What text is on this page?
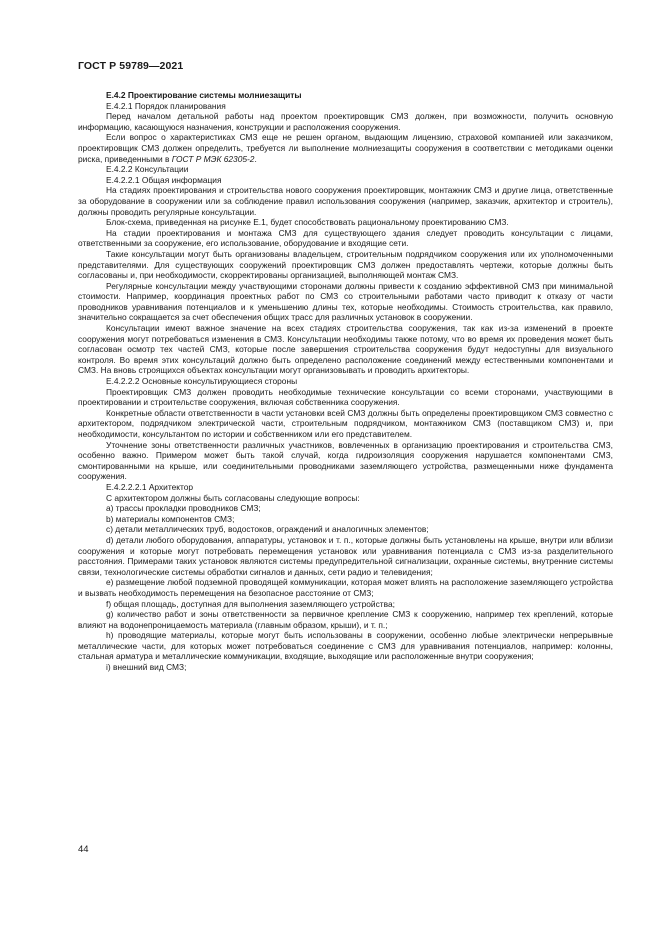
ГОСТ Р 59789—2021

Е.4.2 Проектирование системы молниезащиты

Е.4.2.1 Порядок планирования

Перед началом детальной работы над проектом проектировщик СМЗ должен, при возможности, получить основную информацию, касающуюся назначения, конструкции и расположения сооружения.

Если вопрос о характеристиках СМЗ еще не решен органом, выдающим лицензию, страховой компанией или заказчиком, проектировщик СМЗ должен определить, требуется ли выполнение молниезащиты сооружения в соответствии с методиками оценки риска, приведенными в ГОСТ Р МЭК 62305-2.

Е.4.2.2 Консультации

Е.4.2.2.1 Общая информация

На стадиях проектирования и строительства нового сооружения проектировщик, монтажник СМЗ и другие лица, ответственные за оборудование в сооружении или за соблюдение правил использования сооружения (например, заказчик, архитектор и строитель), должны проводить регулярные консультации.

Блок-схема, приведенная на рисунке Е.1, будет способствовать рациональному проектированию СМЗ.

На стадии проектирования и монтажа СМЗ для существующего здания следует проводить консультации с лицами, ответственными за сооружение, его использование, оборудование и входящие сети.

Такие консультации могут быть организованы владельцем, строительным подрядчиком сооружения или их уполномоченными представителями. Для существующих сооружений проектировщик СМЗ должен предоставлять чертежи, которые должны быть согласованы и, при необходимости, скорректированы организацией, выполняющей монтаж СМЗ.

Регулярные консультации между участвующими сторонами должны привести к созданию эффективной СМЗ при минимальной стоимости. Например, координация проектных работ по СМЗ со строительными работами часто приводит к отказу от части проводников уравнивания потенциалов и к уменьшению длины тех, которые необходимы. Стоимость строительства, как правило, значительно сокращается за счет обеспечения общих трасс для различных установок в сооружении.

Консультации имеют важное значение на всех стадиях строительства сооружения, так как из-за изменений в проекте сооружения могут потребоваться изменения в СМЗ. Консультации необходимы также потому, что во время их проведения может быть согласован осмотр тех частей СМЗ, которые после завершения строительства сооружения будут недоступны для визуального контроля. Во время этих консультаций должно быть определено расположение соединений между естественными компонентами и СМЗ. На вновь строящихся объектах консультации могут организовывать и проводить архитекторы.

Е.4.2.2.2 Основные консультирующиеся стороны

Проектировщик СМЗ должен проводить необходимые технические консультации со всеми сторонами, участвующими в проектировании и строительстве сооружения, включая собственника сооружения.

Конкретные области ответственности в части установки всей СМЗ должны быть определены проектировщиком СМЗ совместно с архитектором, подрядчиком электрической части, строительным подрядчиком, монтажником СМЗ (поставщиком СМЗ) и, при необходимости, консультантом по истории и собственником или его представителем.

Уточнение зоны ответственности различных участников, вовлеченных в организацию проектирования и строительства СМЗ, особенно важно. Примером может быть такой случай, когда гидроизоляция сооружения нарушается компонентами СМЗ, смонтированными на крыше, или соединительными проводниками заземляющего устройства, размещенными ниже фундамента сооружения.

Е.4.2.2.2.1 Архитектор

С архитектором должны быть согласованы следующие вопросы:

а) трассы прокладки проводников СМЗ;

b) материалы компонентов СМЗ;

c) детали металлических труб, водостоков, ограждений и аналогичных элементов;

d) детали любого оборудования, аппаратуры, установок и т. п., которые должны быть установлены на крыше, внутри или вблизи сооружения и которые могут потребовать перемещения установок или уравнивания потенциала с СМЗ из-за разделительного расстояния. Примерами таких установок являются системы предупредительной сигнализации, охранные системы, внутренние системы связи, технологические системы обработки сигналов и данных, сети радио и телевидения;

е) размещение любой подземной проводящей коммуникации, которая может влиять на расположение заземляющего устройства и вызвать необходимость перемещения на безопасное расстояние от СМЗ;

f) общая площадь, доступная для выполнения заземляющего устройства;

g) количество работ и зоны ответственности за первичное крепление СМЗ к сооружению, например тех креплений, которые влияют на водонепроницаемость материала (главным образом, крыши), и т. п.;

h) проводящие материалы, которые могут быть использованы в сооружении, особенно любые электрически непрерывные металлические части, для которых может потребоваться соединение с СМЗ для уравнивания потенциалов, например: колонны, стальная арматура и металлические коммуникации, входящие, выходящие или расположенные внутри сооружения;

i) внешний вид СМЗ;

44
